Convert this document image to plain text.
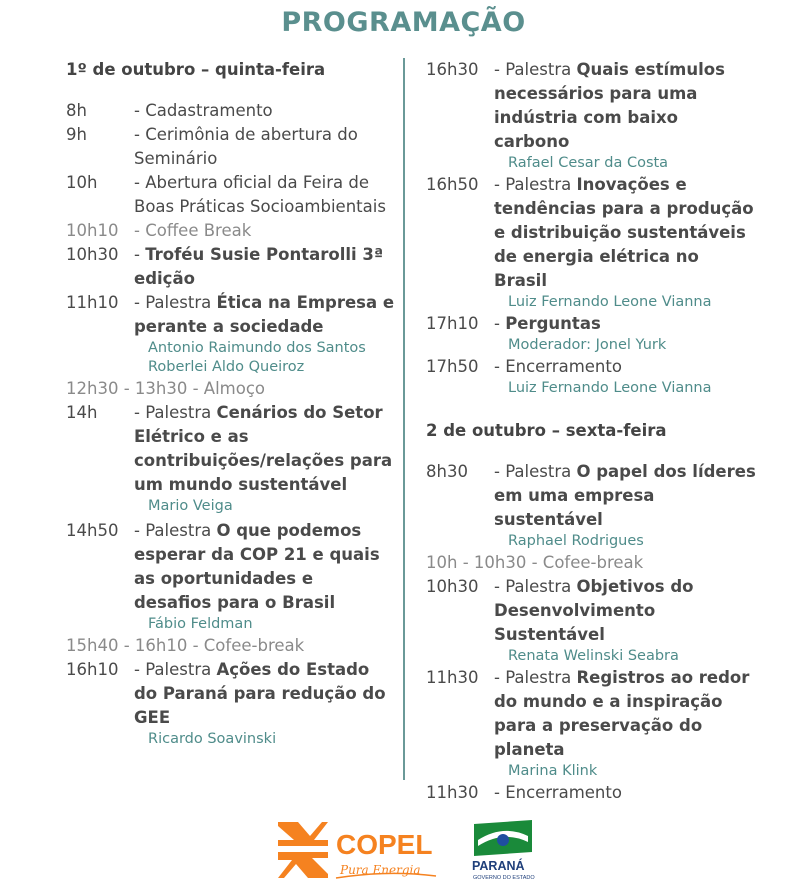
PROGRAMAÇÃO
1º de outubro – quinta-feira
8h	- Cadastramento
9h	- Cerimônia de abertura do Seminário
10h	- Abertura oficial da Feira de Boas Práticas Socioambientais
10h10 - Coffee Break
10h30 - Troféu Susie Pontarolli 3ª edição
11h10 - Palestra Ética na Empresa e perante a sociedade
Antonio Raimundo dos Santos
Roberlei Aldo Queiroz
12h30 - 13h30 - Almoço
14h	- Palestra Cenários do Setor Elétrico e as contribuições/relações para um mundo sustentável
Mario Veiga
14h50 - Palestra O que podemos esperar da COP 21 e quais as oportunidades e desafios para o Brasil
Fábio Feldman
15h40 - 16h10 - Cofee-break
16h10 - Palestra Ações do Estado do Paraná para redução do GEE
Ricardo Soavinski
16h30 - Palestra Quais estímulos necessários para uma indústria com baixo carbono
Rafael Cesar da Costa
16h50 - Palestra Inovações e tendências para a produção e distribuição sustentáveis de energia elétrica no Brasil
Luiz Fernando Leone Vianna
17h10 - Perguntas
Moderador: Jonel Yurk
17h50 - Encerramento
Luiz Fernando Leone Vianna
2 de outubro – sexta-feira
8h30	- Palestra O papel dos líderes em uma empresa sustentável
Raphael Rodrigues
10h - 10h30 - Cofee-break
10h30 - Palestra Objetivos do Desenvolvimento Sustentável
Renata Welinski Seabra
11h30 - Palestra Registros ao redor do mundo e a inspiração para a preservação do planeta
Marina Klink
11h30 - Encerramento
COPEL
Pura Energia	PARANÁ
GOVERNO DO ESTADO
